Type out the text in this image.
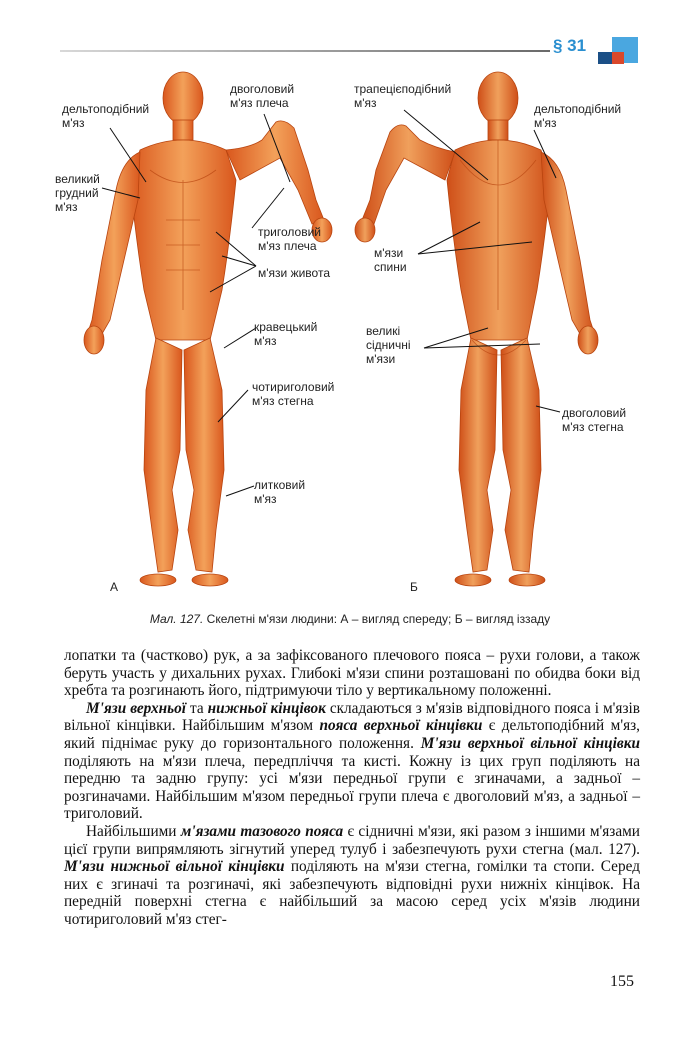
§ 31
дельтоподібний
м'яз
двоголовий
м'яз плеча
великий
грудний
м'яз
триголовий
м'яз плеча
м'язи живота
кравецький
м'яз
чотириголовий
м'яз стегна
литковий
м'яз
А
трапецієподібний
м'яз	дельтоподібний
м'яз
м'язи
спини
великі
сідничні
м'язи
двоголовий
м'яз стегна
Б
Мал. 127. Скелетні м'язи людини: А – вигляд спереду; Б – вигляд іззаду

лопатки та (частково) рук, а за зафіксованого плечового пояса – рухи голови, а також беруть участь у дихальних рухах. Глибокі м'язи спини розташовані по обидва боки від хребта та розгинають його, підтримуючи тіло у вертикальному положенні.

М'язи верхньої та нижньої кінцівок складаються з м'язів відповідного пояса і м'язів вільної кінцівки. Найбільшим м'язом пояса верхньої кінцівки є дельтоподібний м'яз, який піднімає руку до горизонтального положення. М'язи верхньої вільної кінцівки поділяють на м'язи плеча, передпліччя та кисті. Кожну із цих груп поділяють на передню та задню групу: усі м'язи передньої групи є згиначами, а задньої – розгиначами. Найбільшим м'язом передньої групи плеча є двоголовий м'яз, а задньої – триголовий.

Найбільшими м'язами тазового пояса є сідничні м'язи, які разом з іншими м'язами цієї групи випрямляють зігнутий уперед тулуб і забезпечують рухи стегна (мал. 127). М'язи нижньої вільної кінцівки поділяють на м'язи стегна, гомілки та стопи. Серед них є згиначі та розгиначі, які забезпечують відповідні рухи нижніх кінцівок. На передній поверхні стегна є найбільший за масою серед усіх м'язів людини чотириголовий м'яз стег-

155
